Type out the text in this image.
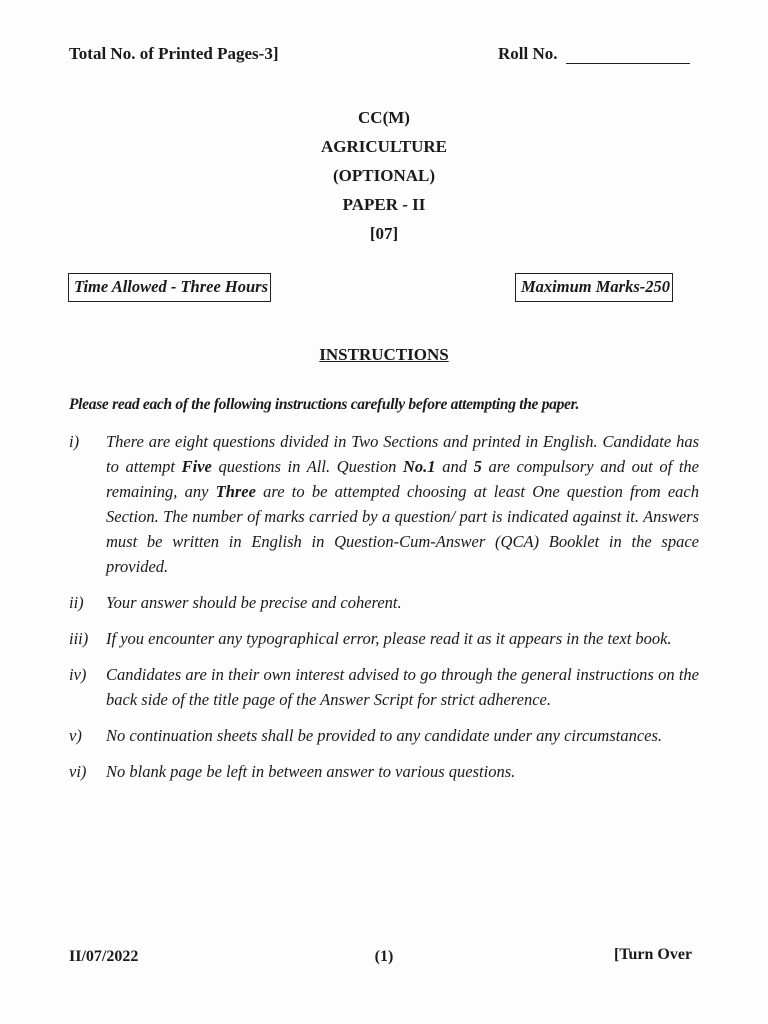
Total No. of Printed Pages-3]	Roll No.
CC(M)
AGRICULTURE
(OPTIONAL)
PAPER - II
[07]
Time Allowed - Three Hours	Maximum Marks-250
INSTRUCTIONS
Please read each of the following instructions carefully before attempting the paper.
i)	There are eight questions divided in Two Sections and printed in English. Candidate has to attempt Five questions in All. Question No.1 and 5 are compulsory and out of the remaining, any Three are to be attempted choosing at least One question from each Section. The number of marks carried by a question/ part is indicated against it. Answers must be written in English in Question-Cum-Answer (QCA) Booklet in the space provided.
ii)	Your answer should be precise and coherent.
iii)	If you encounter any typographical error, please read it as it appears in the text book.
iv)	Candidates are in their own interest advised to go through the general instructions on the back side of the title page of the Answer Script for strict adherence.
v)	No continuation sheets shall be provided to any candidate under any circumstances.
vi)	No blank page be left in between answer to various questions.
II/07/2022	(1)	[Turn Over
